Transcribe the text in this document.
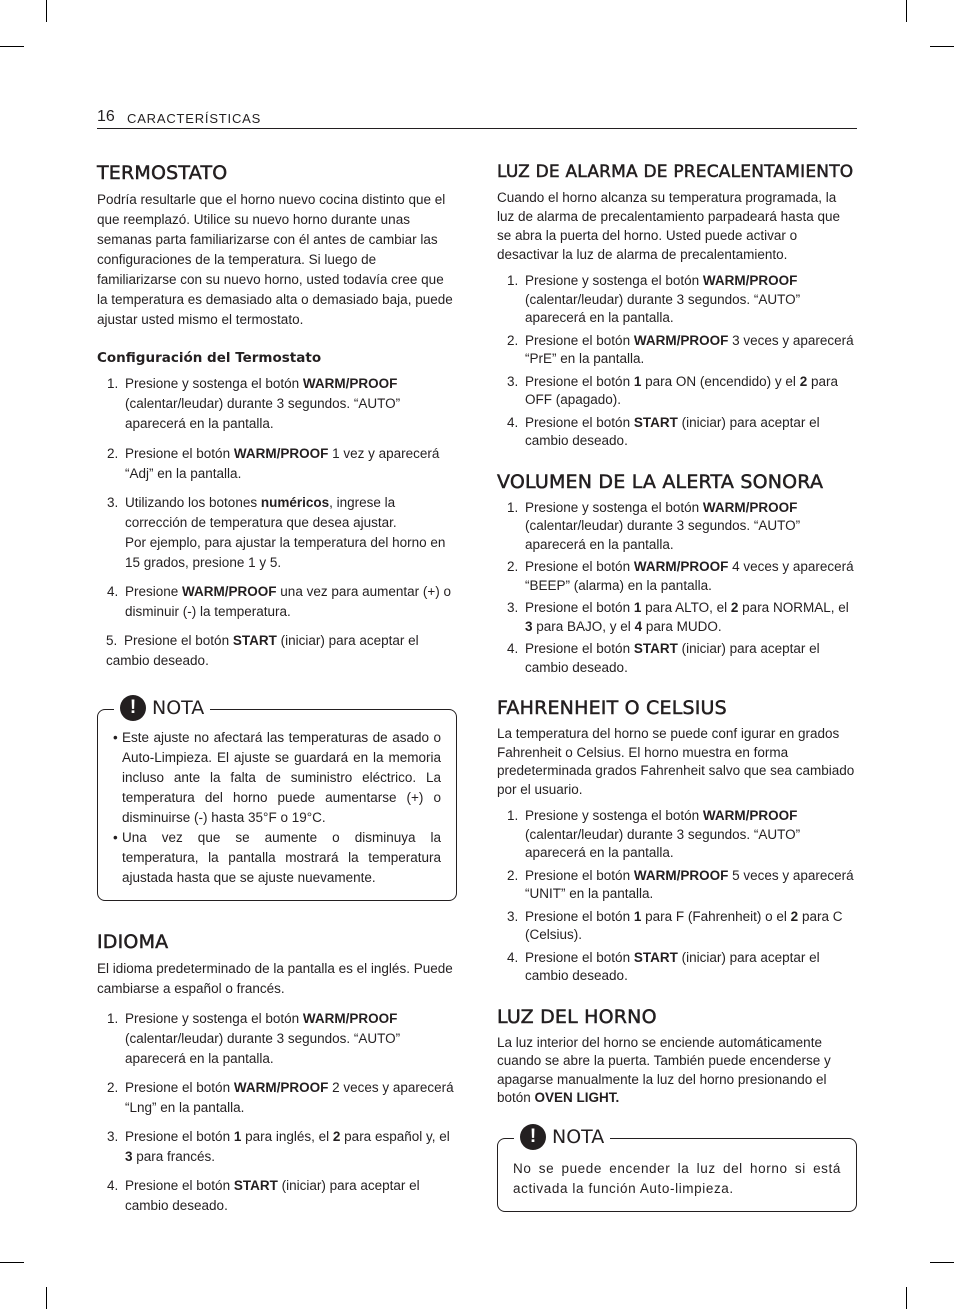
16 CARACTERÍSTICAS
TERMOSTATO

Podría resultarle que el horno nuevo cocina distinto que el que reemplazó. Utilice su nuevo horno durante unas semanas parta familiarizarse con él antes de cambiar las configuraciones de la temperatura. Si luego de familiarizarse con su nuevo horno, usted todavía cree que la temperatura es demasiado alta o demasiado baja, puede ajustar usted mismo el termostato.

Configuración del Termostato
1. Presione y sostenga el botón WARM/PROOF (calentar/leudar) durante 3 segundos. “AUTO” aparecerá en la pantalla.
2. Presione el botón WARM/PROOF 1 vez y aparecerá “Adj” en la pantalla.
3. Utilizando los botones numéricos, ingrese la corrección de temperatura que desea ajustar.
Por ejemplo, para ajustar la temperatura del horno en 15 grados, presione 1 y 5.
4. Presione WARM/PROOF una vez para aumentar (+) o disminuir (-) la temperatura.
5. Presione el botón START (iniciar) para aceptar el cambio deseado.
! NOTA
• Este ajuste no afectará las temperaturas de asado o Auto-Limpieza. El ajuste se guardará en la memoria incluso ante la falta de suministro eléctrico. La temperatura del horno puede aumentarse (+) o disminuirse (-) hasta 35°F o 19°C.
• Una vez que se aumente o disminuya la temperatura, la pantalla mostrará la temperatura ajustada hasta que se ajuste nuevamente.
IDIOMA

El idioma predeterminado de la pantalla es el inglés. Puede cambiarse a español o francés.

1. Presione y sostenga el botón WARM/PROOF (calentar/leudar) durante 3 segundos. “AUTO” aparecerá en la pantalla.
2. Presione el botón WARM/PROOF 2 veces y aparecerá “Lng” en la pantalla.
3. Presione el botón 1 para inglés, el 2 para español y, el 3 para francés.
4. Presione el botón START (iniciar) para aceptar el cambio deseado.
LUZ DE ALARMA DE PRECALENTAMIENTO

Cuando el horno alcanza su temperatura programada, la luz de alarma de precalentamiento parpadeará hasta que se abra la puerta del horno. Usted puede activar o desactivar la luz de alarma de precalentamiento.

1. Presione y sostenga el botón WARM/PROOF (calentar/leudar) durante 3 segundos. “AUTO” aparecerá en la pantalla.
2. Presione el botón WARM/PROOF 3 veces y aparecerá “PrE” en la pantalla.
3. Presione el botón 1 para ON (encendido) y el 2 para OFF (apagado).
4. Presione el botón START (iniciar) para aceptar el cambio deseado.
VOLUMEN DE LA ALERTA SONORA
1. Presione y sostenga el botón WARM/PROOF (calentar/leudar) durante 3 segundos. “AUTO” aparecerá en la pantalla.
2. Presione el botón WARM/PROOF 4 veces y aparecerá “BEEP” (alarma) en la pantalla.
3. Presione el botón 1 para ALTO, el 2 para NORMAL, el 3 para BAJO, y el 4 para MUDO.
4. Presione el botón START (iniciar) para aceptar el cambio deseado.
FAHRENHEIT O CELSIUS

La temperatura del horno se puede conf igurar en grados Fahrenheit o Celsius. El horno muestra en forma predeterminada grados Fahrenheit salvo que sea cambiado por el usuario.

1. Presione y sostenga el botón WARM/PROOF (calentar/leudar) durante 3 segundos. “AUTO” aparecerá en la pantalla.
2. Presione el botón WARM/PROOF 5 veces y aparecerá “UNIT” en la pantalla.
3. Presione el botón 1 para F (Fahrenheit) o el 2 para C (Celsius).
4. Presione el botón START (iniciar) para aceptar el cambio deseado.
LUZ DEL HORNO

La luz interior del horno se enciende automáticamente cuando se abre la puerta. También puede encenderse y apagarse manualmente la luz del horno presionando el botón OVEN LIGHT.

! NOTA

No se puede encender la luz del horno si está activada la función Auto-limpieza.
